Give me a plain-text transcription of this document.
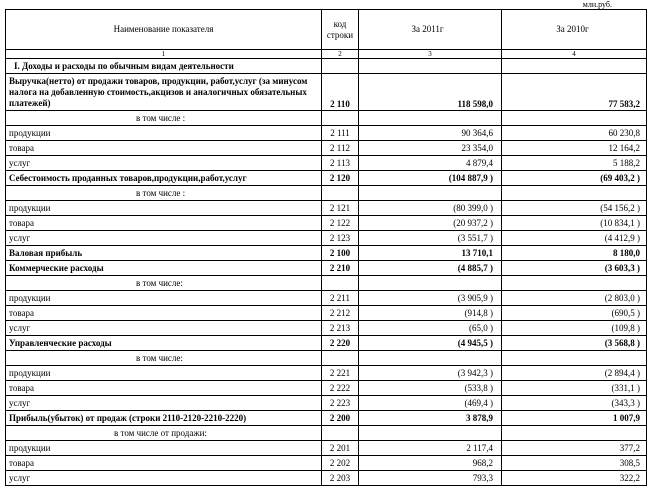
млн.руб.
Наименование показателя	код строки	За 2011г	За 2010г
1	2	3	4
I. Доходы и расходы по обычным видам деятельности			
Выручка(нетто) от продажи товаров, продукции, работ,услуг (за минусом налога на добавленную стоимость,акцизов и аналогичных обязательных платежей)	2 110	118 598,0	77 583,2
в том числе :			
продукции	2 111	90 364,6	60 230,8
товара	2 112	23 354,0	12 164,2
услуг	2 113	4 879,4	5 188,2
Себестоимость проданных товаров,продукции,работ,услуг	2 120	(104 887,9 )	(69 403,2 )
в том числе :			
продукции	2 121	(80 399,0 )	(54 156,2 )
товара	2 122	(20 937,2 )	(10 834,1 )
услуг	2 123	(3 551,7 )	(4 412,9 )
Валовая прибыль	2 100	13 710,1	8 180,0
Коммерческие расходы	2 210	(4 885,7 )	(3 603,3 )
в том числе:			
продукции	2 211	(3 905,9 )	(2 803,0 )
товара	2 212	(914,8 )	(690,5 )
услуг	2 213	(65,0 )	(109,8 )
Управленческие расходы	2 220	(4 945,5 )	(3 568,8 )
в том числе:			
продукции	2 221	(3 942,3 )	(2 894,4 )
товара	2 222	(533,8 )	(331,1 )
услуг	2 223	(469,4 )	(343,3 )
Прибыль(убыток) от продаж (строки 2110-2120-2210-2220)	2 200	3 878,9	1 007,9
в том числе от продажи:			
продукции	2 201	2 117,4	377,2
товара	2 202	968,2	308,5
услуг	2 203	793,3	322,2
